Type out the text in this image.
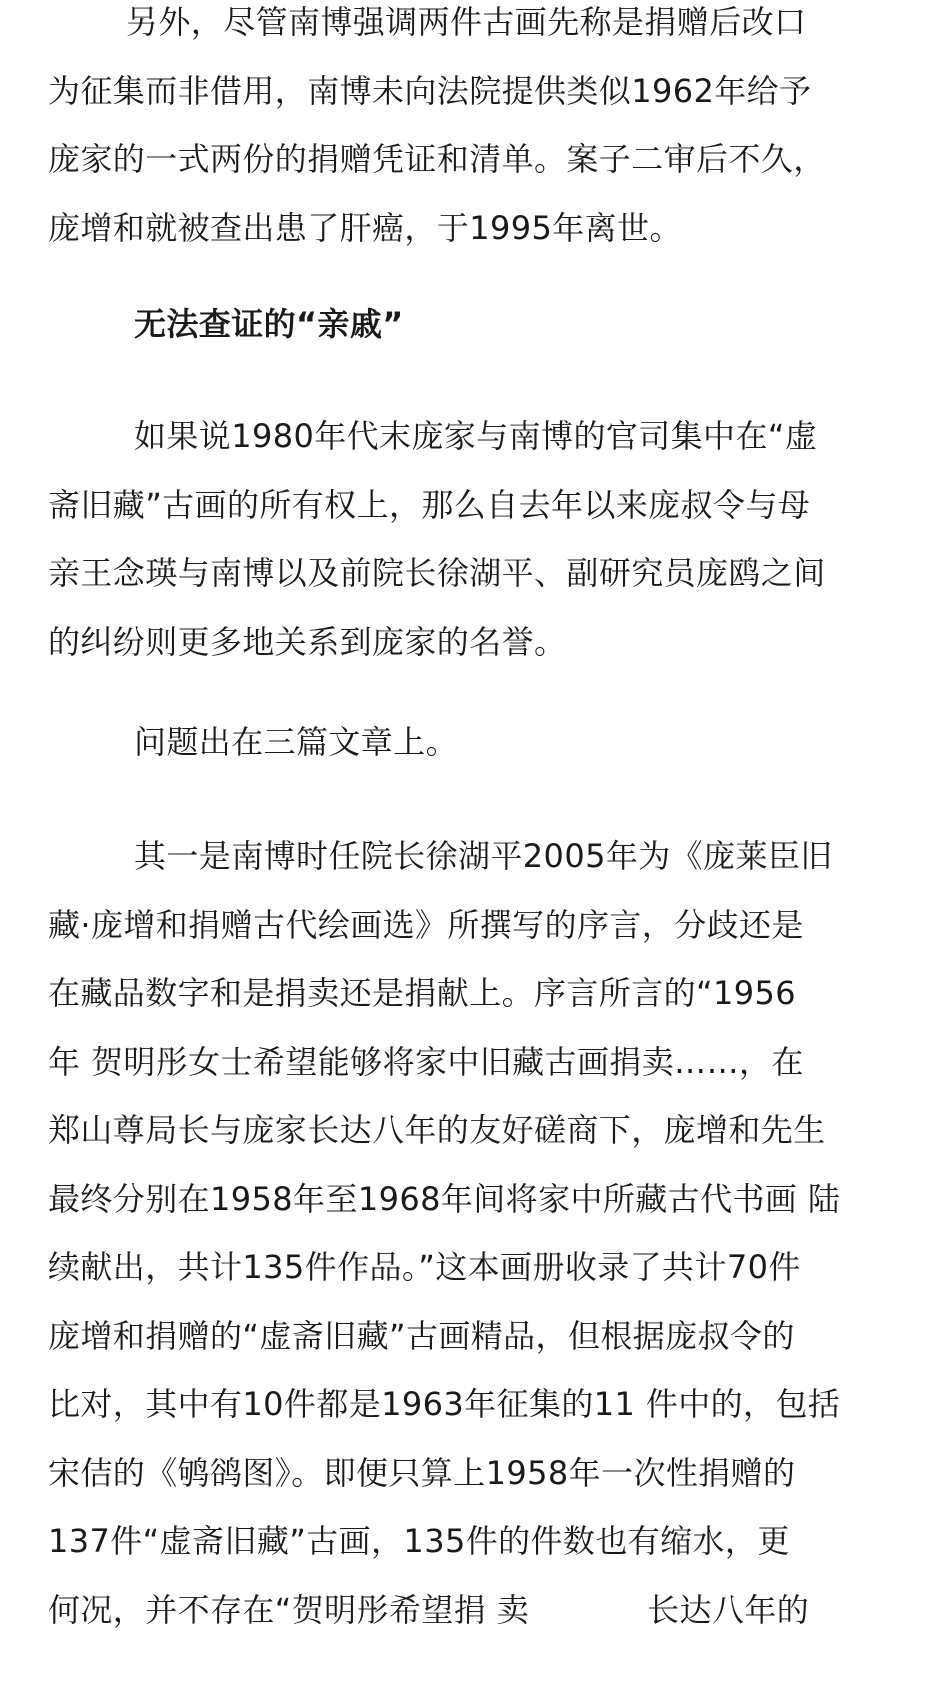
另外，尽管南博强调两件古画先称是捐赠后改口
为征集而非借用，南博未向法院提供类似1962年给予
庞家的一式两份的捐赠凭证和清单。案子二审后不久，
庞增和就被查出患了肝癌，于1995年离世。

无法查证的“亲戚”

如果说1980年代末庞家与南博的官司集中在“虚
斋旧藏”古画的所有权上，那么自去年以来庞叔令与母
亲王念瑛与南博以及前院长徐湖平、副研究员庞鸥之间
的纠纷则更多地关系到庞家的名誉。

问题出在三篇文章上。

其一是南博时任院长徐湖平2005年为《庞莱臣旧
藏·庞增和捐赠古代绘画选》所撰写的序言，分歧还是
在藏品数字和是捐卖还是捐献上。序言所言的“1956
年 贺明彤女士希望能够将家中旧藏古画捐卖……，在
郑山尊局长与庞家长达八年的友好磋商下，庞增和先生
最终分别在1958年至1968年间将家中所藏古代书画 陆
续献出，共计135件作品。”这本画册收录了共计70件
庞增和捐赠的“虚斋旧藏”古画精品，但根据庞叔令的
比对，其中有10件都是1963年征集的11 件中的，包括
宋佶的《鸲鹆图》。即便只算上1958年一次性捐赠的
137件“虚斋旧藏”古画，135件的件数也有缩水，更
何况，并不存在“贺明彤希望捐 卖	长达八年的
